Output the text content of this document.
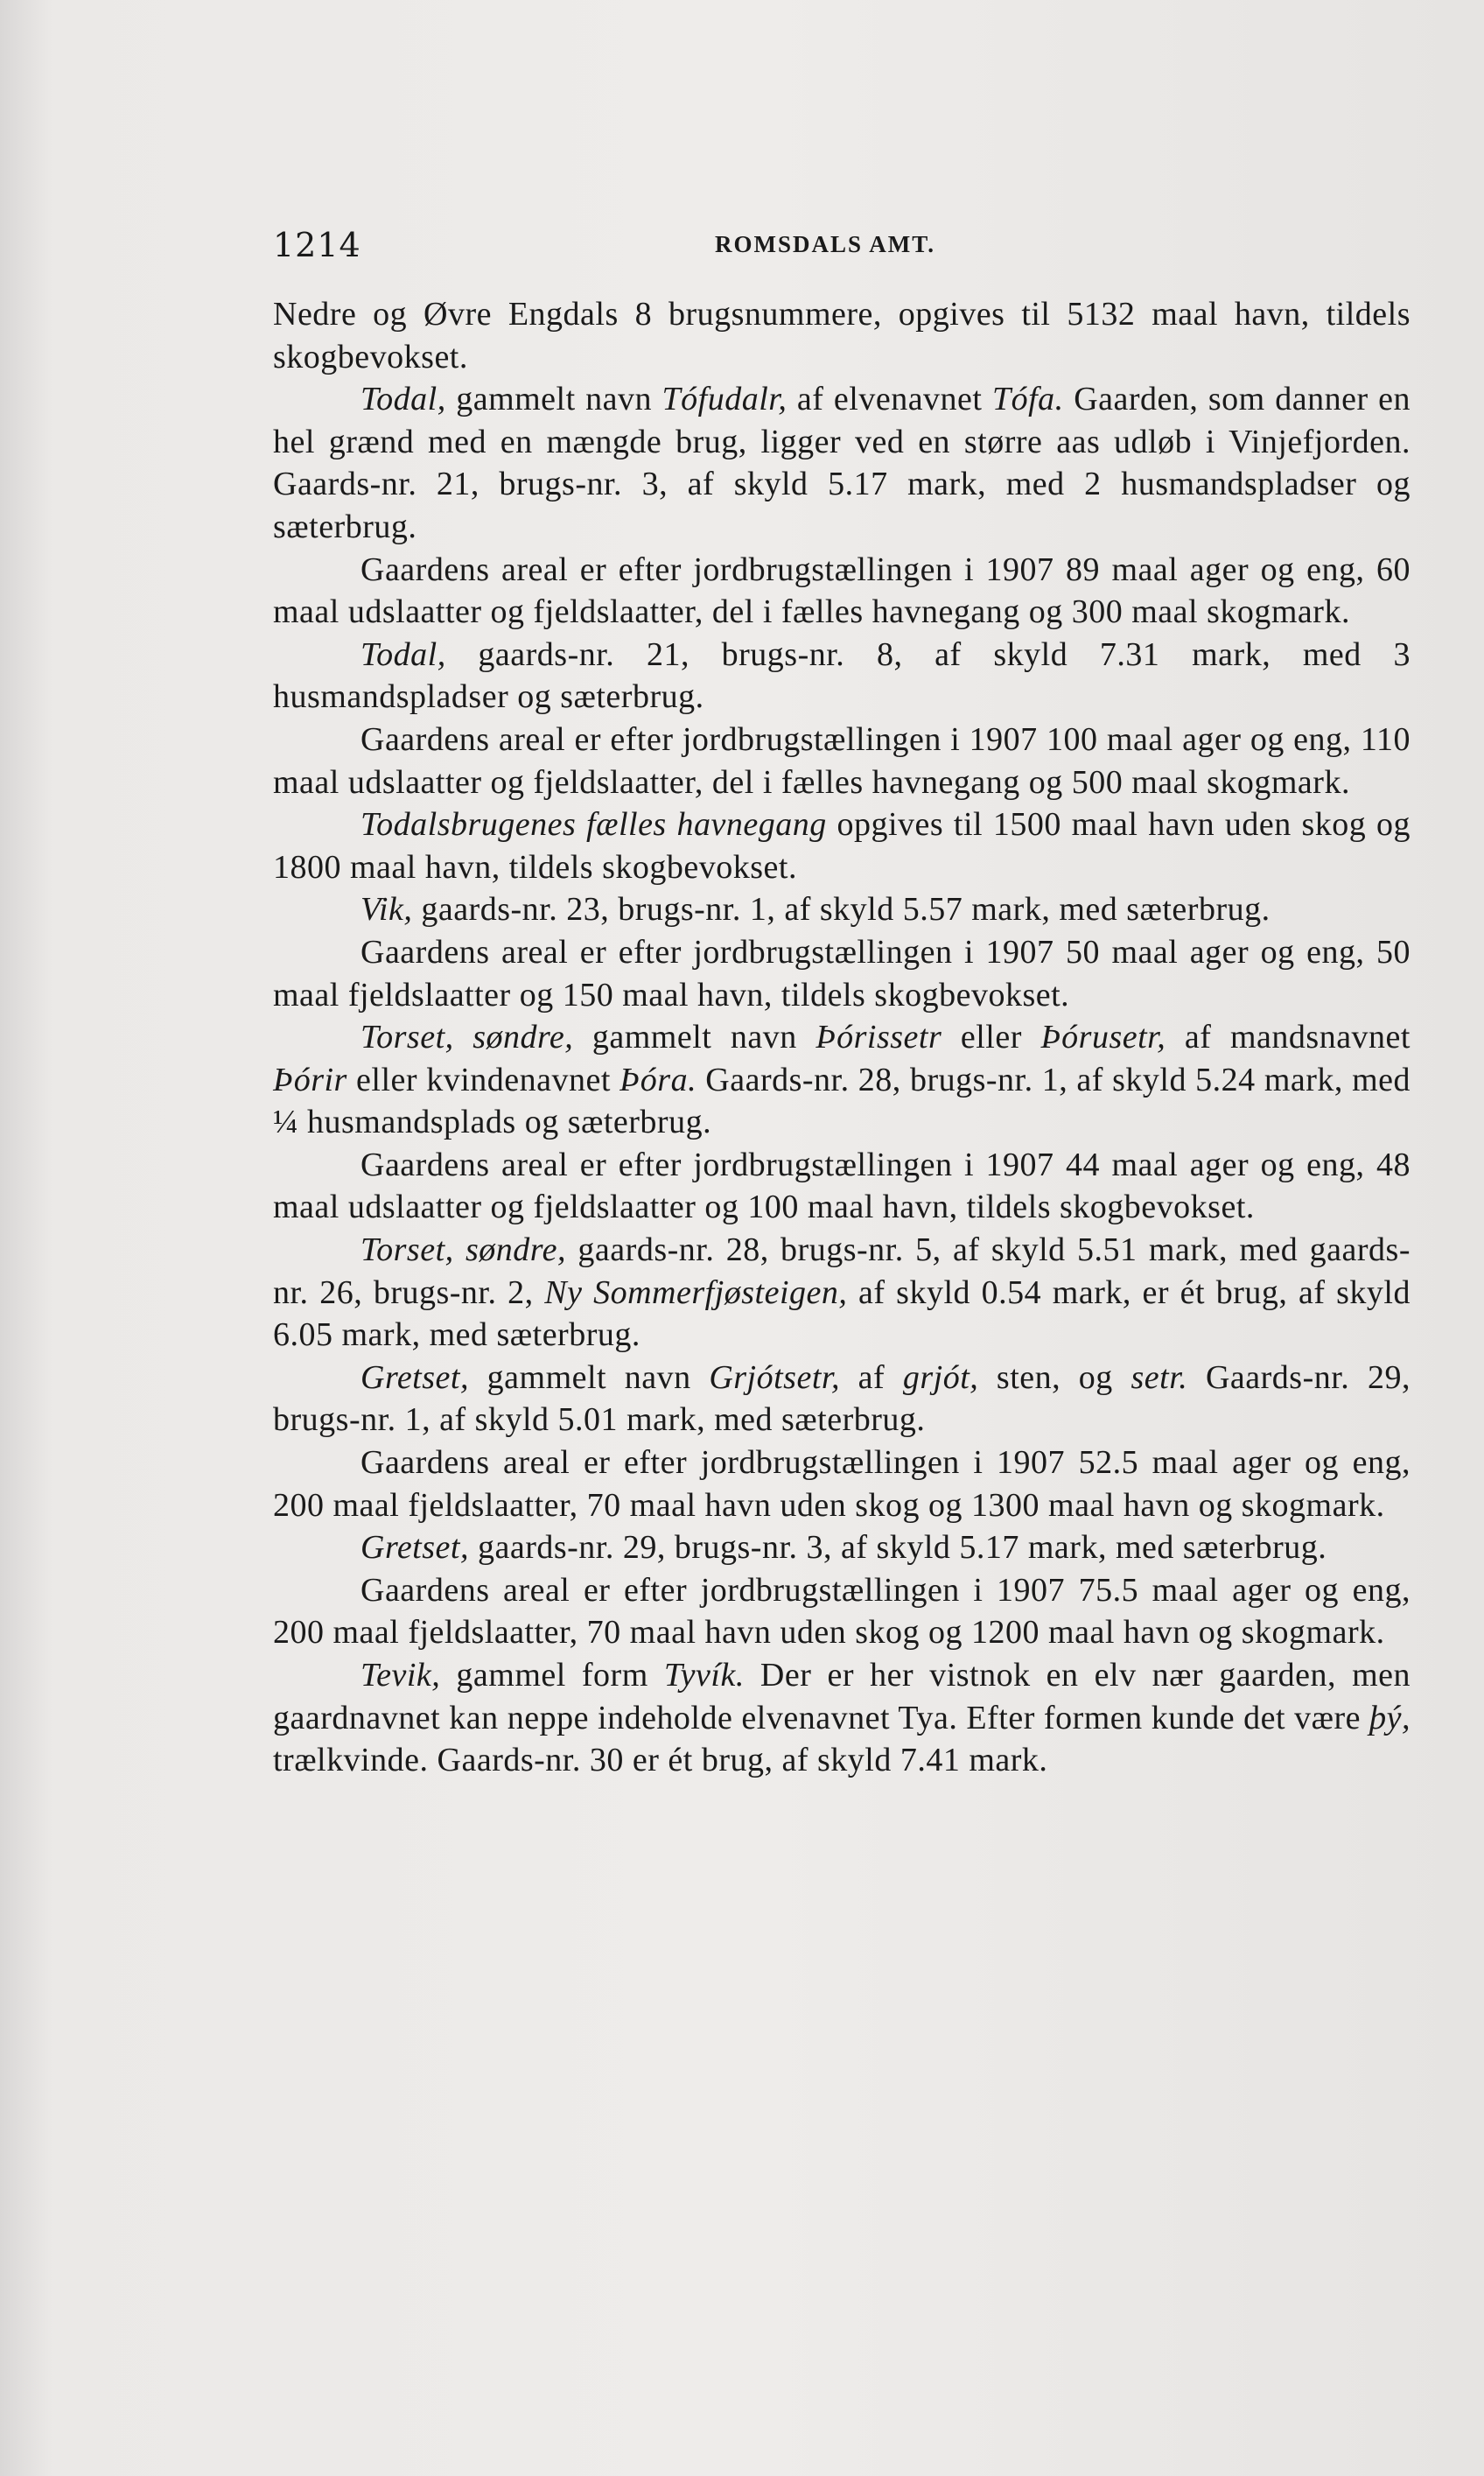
1214	ROMSDALS AMT.

Nedre og Øvre Engdals 8 brugsnummere, opgives til 5132 maal havn, tildels skogbevokset.

Todal, gammelt navn Tófudalr, af elvenavnet Tófa. Gaarden, som danner en hel grænd med en mængde brug, ligger ved en større aas udløb i Vinjefjorden. Gaards-nr. 21, brugs-nr. 3, af skyld 5.17 mark, med 2 husmandspladser og sæterbrug.

Gaardens areal er efter jordbrugstællingen i 1907 89 maal ager og eng, 60 maal udslaatter og fjeldslaatter, del i fælles havnegang og 300 maal skogmark.

Todal, gaards-nr. 21, brugs-nr. 8, af skyld 7.31 mark, med 3 husmandspladser og sæterbrug.

Gaardens areal er efter jordbrugstællingen i 1907 100 maal ager og eng, 110 maal udslaatter og fjeldslaatter, del i fælles havnegang og 500 maal skogmark.

Todalsbrugenes fælles havnegang opgives til 1500 maal havn uden skog og 1800 maal havn, tildels skogbevokset.

Vik, gaards-nr. 23, brugs-nr. 1, af skyld 5.57 mark, med sæterbrug.

Gaardens areal er efter jordbrugstællingen i 1907 50 maal ager og eng, 50 maal fjeldslaatter og 150 maal havn, tildels skogbevokset.

Torset, søndre, gammelt navn Þórissetr eller Þórusetr, af mandsnavnet Þórir eller kvindenavnet Þóra. Gaards-nr. 28, brugs-nr. 1, af skyld 5.24 mark, med ¼ husmandsplads og sæterbrug.

Gaardens areal er efter jordbrugstællingen i 1907 44 maal ager og eng, 48 maal udslaatter og fjeldslaatter og 100 maal havn, tildels skogbevokset.

Torset, søndre, gaards-nr. 28, brugs-nr. 5, af skyld 5.51 mark, med gaards-nr. 26, brugs-nr. 2, Ny Sommerfjøsteigen, af skyld 0.54 mark, er ét brug, af skyld 6.05 mark, med sæterbrug.

Gretset, gammelt navn Grjótsetr, af grjót, sten, og setr. Gaards-nr. 29, brugs-nr. 1, af skyld 5.01 mark, med sæterbrug.

Gaardens areal er efter jordbrugstællingen i 1907 52.5 maal ager og eng, 200 maal fjeldslaatter, 70 maal havn uden skog og 1300 maal havn og skogmark.

Gretset, gaards-nr. 29, brugs-nr. 3, af skyld 5.17 mark, med sæterbrug.

Gaardens areal er efter jordbrugstællingen i 1907 75.5 maal ager og eng, 200 maal fjeldslaatter, 70 maal havn uden skog og 1200 maal havn og skogmark.

Tevik, gammel form Tyvík. Der er her vistnok en elv nær gaarden, men gaardnavnet kan neppe indeholde elvenavnet Tya. Efter formen kunde det være þý, trælkvinde. Gaards-nr. 30 er ét brug, af skyld 7.41 mark.
